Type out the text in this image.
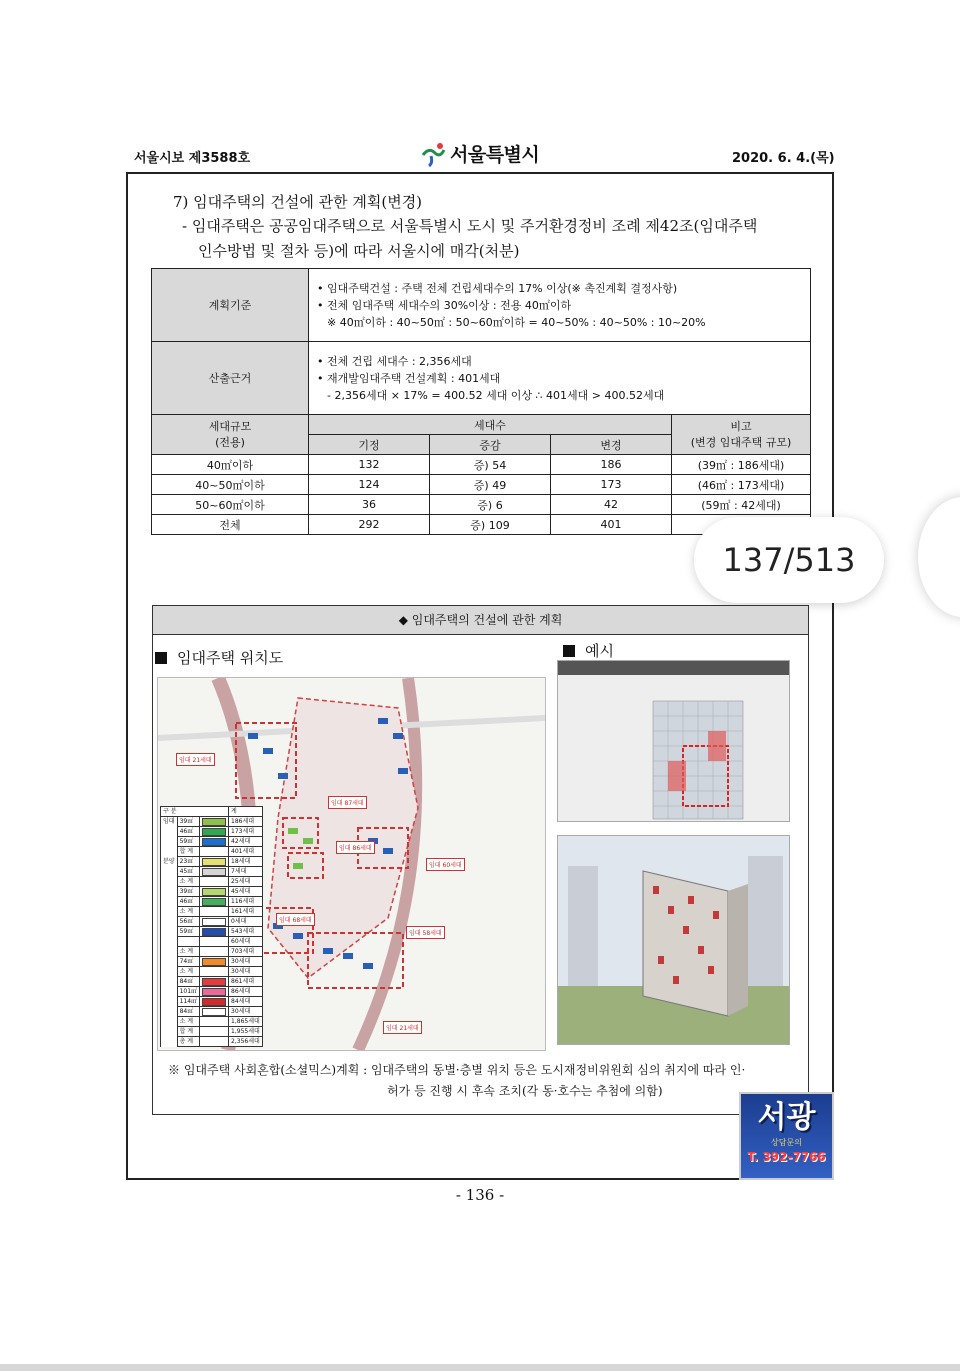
서울시보 제3588호	서울특별시	2020. 6. 4.(목)
7) 임대주택의 건설에 관한 계획(변경)
- 임대주택은 공공임대주택으로 서울특별시 도시 및 주거환경정비 조례 제42조(임대주택
인수방법 및 절차 등)에 따라 서울시에 매각(처분)
계획기준	• 임대주택건설 : 주택 전체 건립세대수의 17% 이상(※ 촉진계획 결정사항)
• 전체 임대주택 세대수의 30%이상 : 전용 40㎡이하
※ 40㎡이하 : 40~50㎡ : 50~60㎡이하 = 40~50% : 40~50% : 10~20%			

산출근거	• 전체 건립 세대수 : 2,356세대
• 재개발임대주택 건설계획 : 401세대
- 2,356세대 × 17% = 400.52 세대 이상 ∴ 401세대 > 400.52세대			

세대규모
(전용)	세대수			비고
(변경 임대주택 규모)

	기정	증감	변경	
40㎡이하	132	증) 54	186	(39㎡ : 186세대)
40~50㎡이하	124	증) 49	173	(46㎡ : 173세대)
50~60㎡이하	36	증) 6	42	(59㎡ : 42세대)
전체	292	증) 109	401	
137/513
◆ 임대주택의 건설에 관한 계획
임대주택 위치도	예시
임대 21세대
임대 87세대
임대 86세대
임대 60세대
임대 68세대
임대 58세대
임대 21세대
구 분			계
임대	39㎡		186세대
	46㎡		173세대
	59㎡		42세대
	합 계		401세대
분양	23㎡		18세대
	45㎡		7세대
	소 계		25세대
	39㎡		45세대
	46㎡		116세대
	소 계		161세대
	56㎡		0세대
	59㎡		543세대
			60세대
	소 계		703세대
	74㎡		30세대
	소 계		30세대
	84㎡		861세대
	101㎡		86세대
	114㎡		84세대
	84㎡		30세대
	소 계		1,865세대
	합 계		1,955세대
	총 계		2,356세대
※ 임대주택 사회혼합(소셜믹스)계획 : 임대주택의 동별·층별 위치 등은 도시재정비위원회 심의 취지에 따라 인·
허가 등 진행 시 후속 조치(각 동·호수는 추첨에 의함)
서광
상담문의
T. 392-7766
- 136 -
